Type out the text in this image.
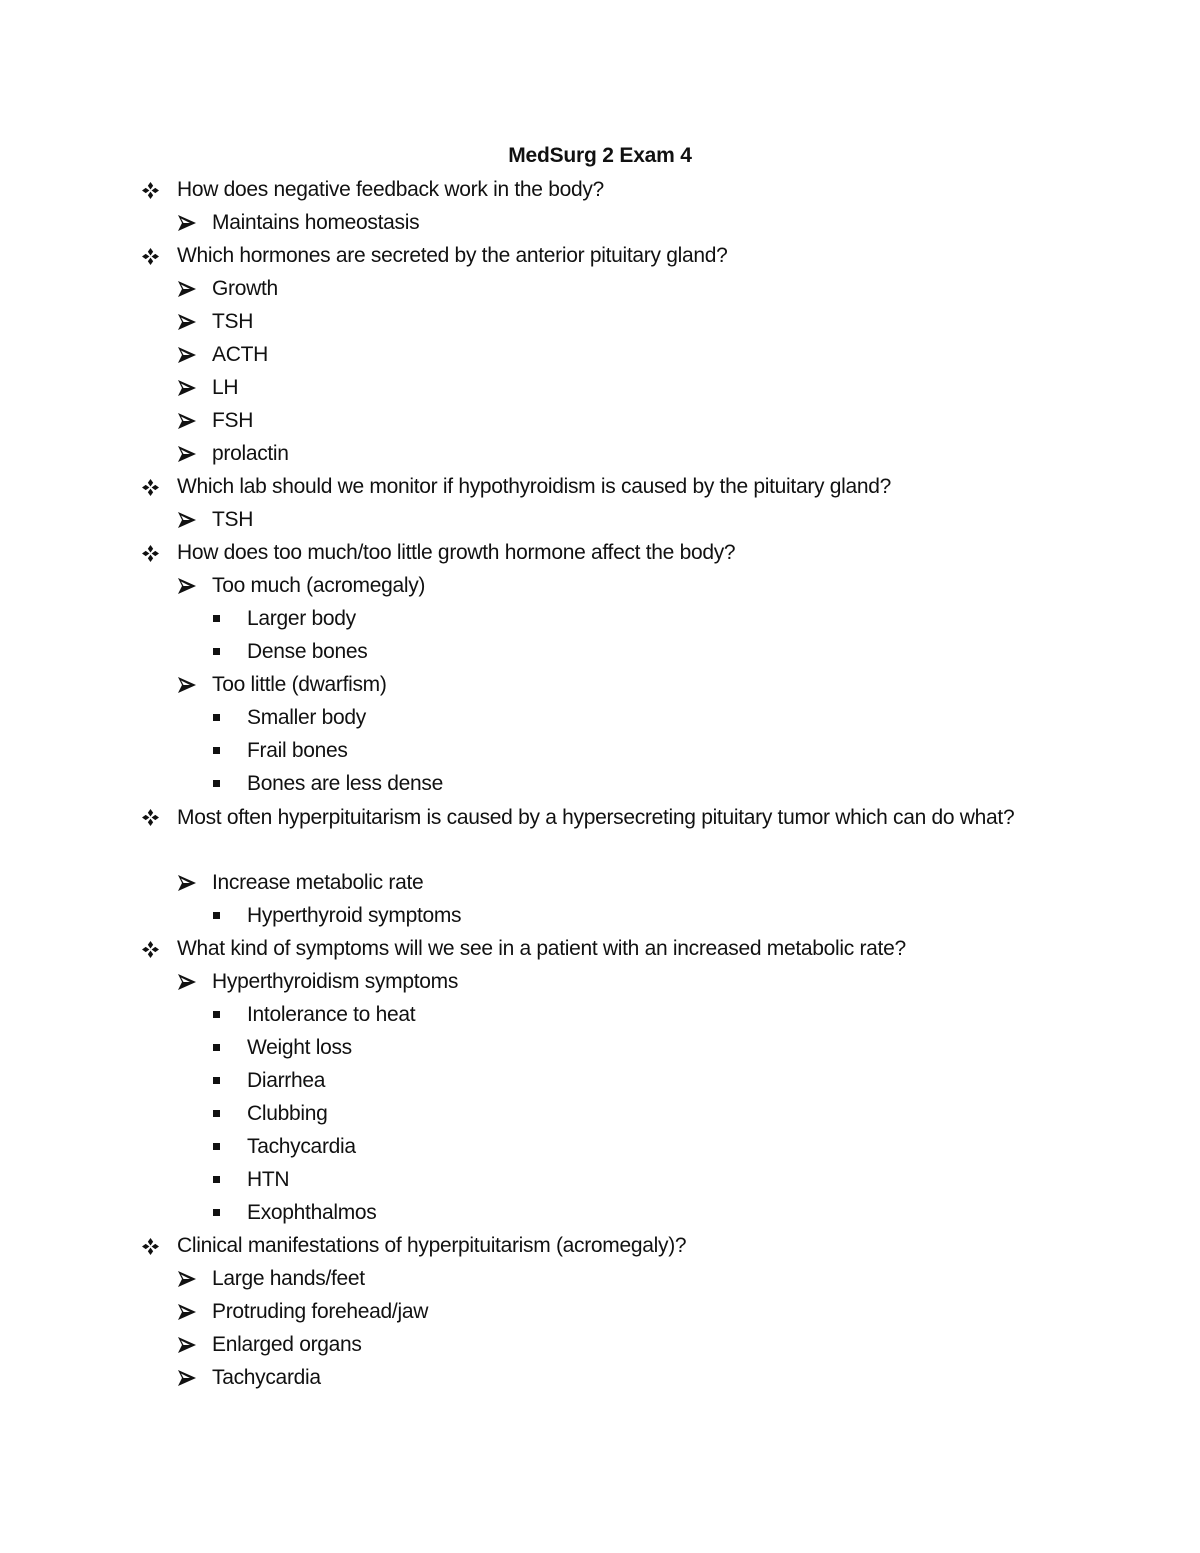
MedSurg 2 Exam 4
How does negative feedback work in the body?
Maintains homeostasis
Which hormones are secreted by the anterior pituitary gland?
Growth
TSH
ACTH
LH
FSH
prolactin
Which lab should we monitor if hypothyroidism is caused by the pituitary gland?
TSH
How does too much/too little growth hormone affect the body?
Too much (acromegaly)
Larger body
Dense bones
Too little (dwarfism)
Smaller body
Frail bones
Bones are less dense
Most often hyperpituitarism is caused by a hypersecreting pituitary tumor which can do what?
Increase metabolic rate
Hyperthyroid symptoms
What kind of symptoms will we see in a patient with an increased metabolic rate?
Hyperthyroidism symptoms
Intolerance to heat
Weight loss
Diarrhea
Clubbing
Tachycardia
HTN
Exophthalmos
Clinical manifestations of hyperpituitarism (acromegaly)?
Large hands/feet
Protruding forehead/jaw
Enlarged organs
Tachycardia
